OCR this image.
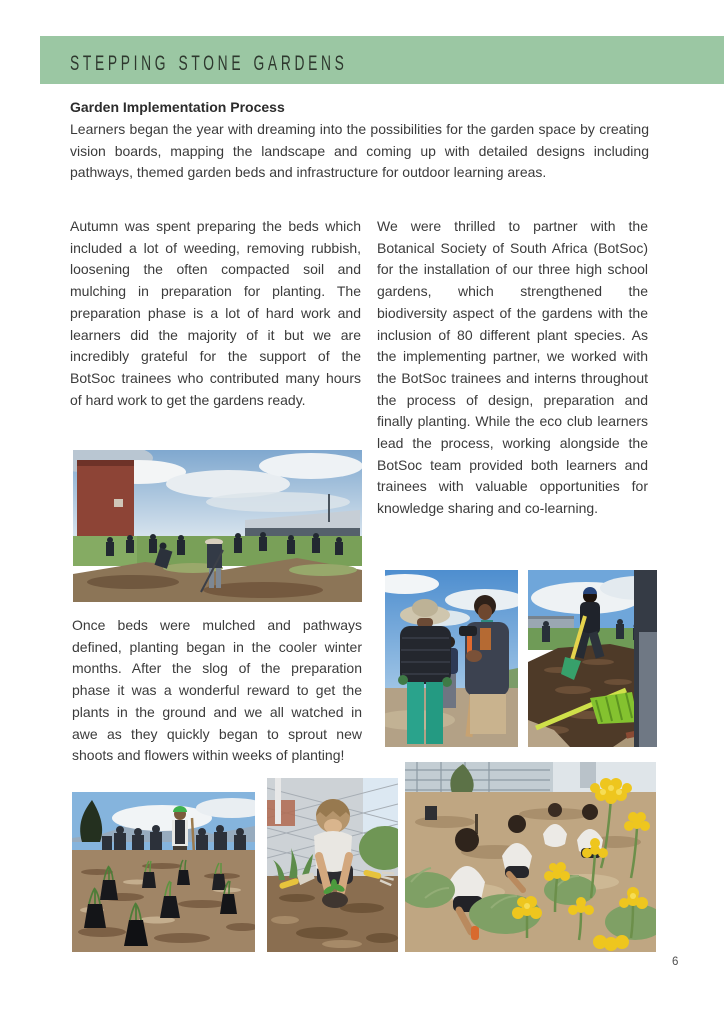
stepping stone gardens
Garden Implementation Process

Learners began the year with dreaming into the possibilities for the garden space by creating vision boards, mapping the landscape and coming up with detailed designs including pathways, themed garden beds and infrastructure for outdoor learning areas.

Autumn was spent preparing the beds which included a lot of weeding, removing rubbish, loosening the often compacted soil and mulching in preparation for planting. The preparation phase is a lot of hard work and learners did the majority of it but we are incredibly grateful for the support of the BotSoc trainees who contributed many hours of hard work to get the gardens ready.

We were thrilled to partner with the Botanical Society of South Africa (BotSoc) for the installation of our three high school gardens, which strengthened the biodiversity aspect of the gardens with the inclusion of 80 different plant species. As the implementing partner, we worked with the BotSoc trainees and interns throughout the process of design, preparation and finally planting. While the eco club learners lead the process, working alongside the BotSoc team provided both learners and trainees with valuable opportunities for knowledge sharing and co-learning.

Once beds were mulched and pathways defined, planting began in the cooler winter months. After the slog of the preparation phase it was a wonderful reward to get the plants in the ground and we all watched in awe as they quickly began to sprout new shoots and flowers within weeks of planting!

6
